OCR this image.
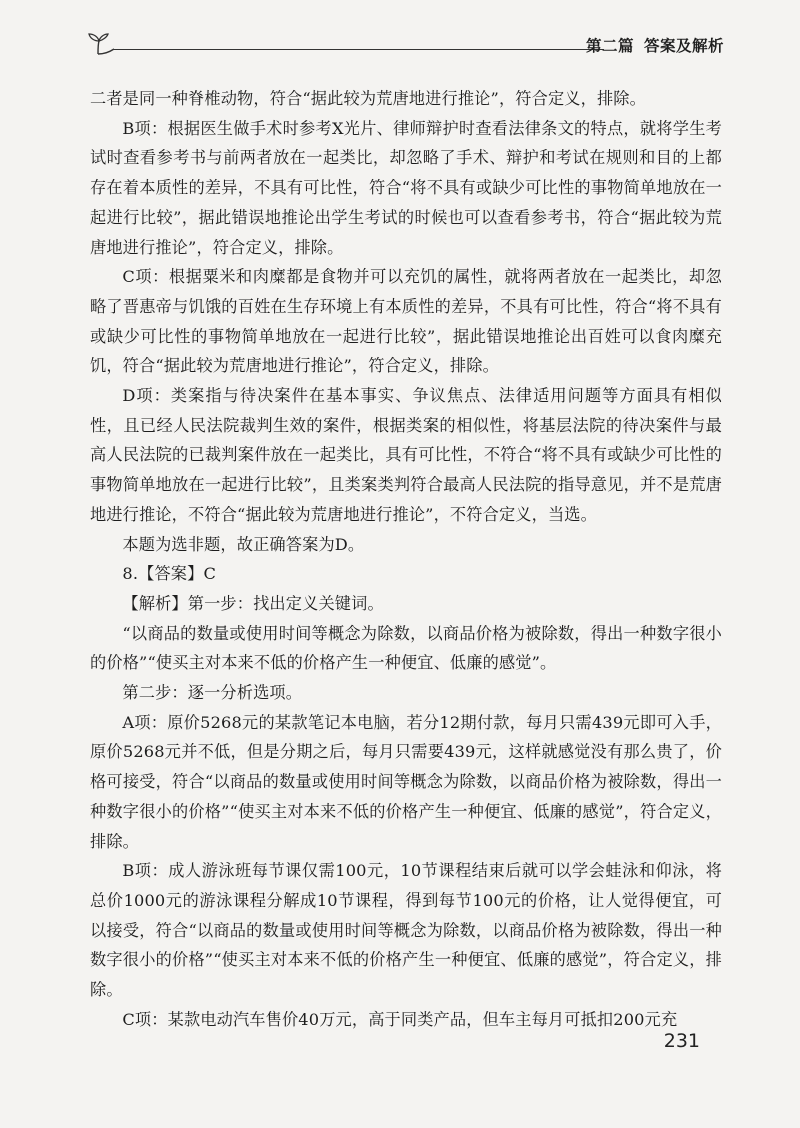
第二篇 答案及解析

二者是同一种脊椎动物，符合“据此较为荒唐地进行推论”，符合定义，排除。

B项：根据医生做手术时参考X光片、律师辩护时查看法律条文的特点，就将学生考试时查看参考书与前两者放在一起类比，却忽略了手术、辩护和考试在规则和目的上都存在着本质性的差异，不具有可比性，符合“将不具有或缺少可比性的事物简单地放在一起进行比较”，据此错误地推论出学生考试的时候也可以查看参考书，符合“据此较为荒唐地进行推论”，符合定义，排除。

C项：根据粟米和肉糜都是食物并可以充饥的属性，就将两者放在一起类比，却忽略了晋惠帝与饥饿的百姓在生存环境上有本质性的差异，不具有可比性，符合“将不具有或缺少可比性的事物简单地放在一起进行比较”，据此错误地推论出百姓可以食肉糜充饥，符合“据此较为荒唐地进行推论”，符合定义，排除。

D项：类案指与待决案件在基本事实、争议焦点、法律适用问题等方面具有相似性，且已经人民法院裁判生效的案件，根据类案的相似性，将基层法院的待决案件与最高人民法院的已裁判案件放在一起类比，具有可比性，不符合“将不具有或缺少可比性的事物简单地放在一起进行比较”，且类案类判符合最高人民法院的指导意见，并不是荒唐地进行推论，不符合“据此较为荒唐地进行推论”，不符合定义，当选。

本题为选非题，故正确答案为D。

8.【答案】C

【解析】第一步：找出定义关键词。

“以商品的数量或使用时间等概念为除数，以商品价格为被除数，得出一种数字很小的价格”“使买主对本来不低的价格产生一种便宜、低廉的感觉”。

第二步：逐一分析选项。

A项：原价5268元的某款笔记本电脑，若分12期付款，每月只需439元即可入手，原价5268元并不低，但是分期之后，每月只需要439元，这样就感觉没有那么贵了，价格可接受，符合“以商品的数量或使用时间等概念为除数，以商品价格为被除数，得出一种数字很小的价格”“使买主对本来不低的价格产生一种便宜、低廉的感觉”，符合定义，排除。

B项：成人游泳班每节课仅需100元，10节课程结束后就可以学会蛙泳和仰泳，将总价1000元的游泳课程分解成10节课程，得到每节100元的价格，让人觉得便宜，可以接受，符合“以商品的数量或使用时间等概念为除数，以商品价格为被除数，得出一种数字很小的价格”“使买主对本来不低的价格产生一种便宜、低廉的感觉”，符合定义，排除。

C项：某款电动汽车售价40万元，高于同类产品，但车主每月可抵扣200元充

231
